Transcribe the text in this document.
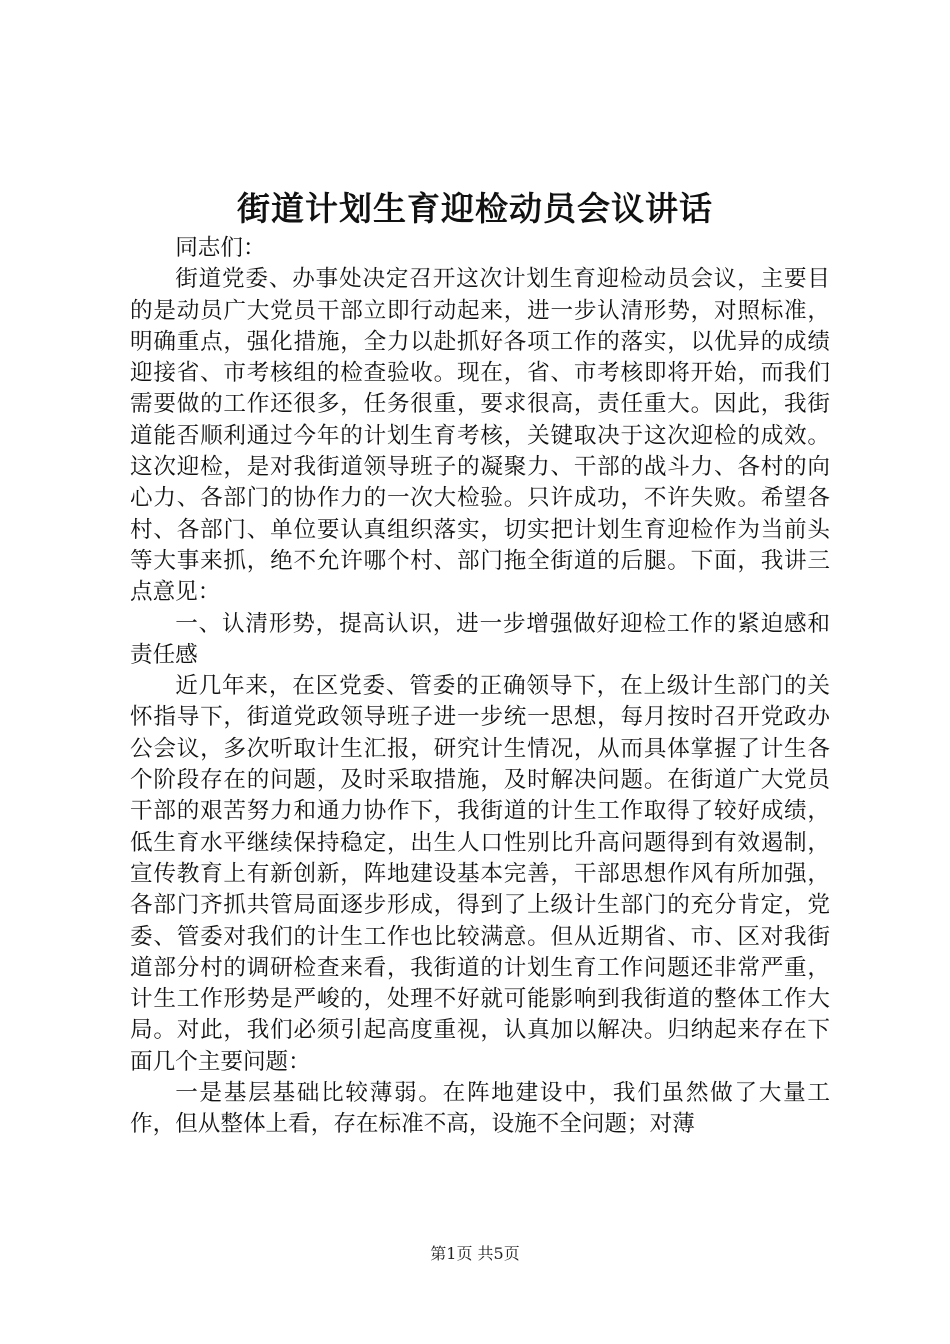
街道计划生育迎检动员会议讲话

同志们：

街道党委、办事处决定召开这次计划生育迎检动员会议，主要目的是动员广大党员干部立即行动起来，进一步认清形势，对照标准，明确重点，强化措施，全力以赴抓好各项工作的落实，以优异的成绩迎接省、市考核组的检查验收。现在，省、市考核即将开始，而我们需要做的工作还很多，任务很重，要求很高，责任重大。因此，我街道能否顺利通过今年的计划生育考核，关键取决于这次迎检的成效。这次迎检，是对我街道领导班子的凝聚力、干部的战斗力、各村的向心力、各部门的协作力的一次大检验。只许成功，不许失败。希望各村、各部门、单位要认真组织落实，切实把计划生育迎检作为当前头等大事来抓，绝不允许哪个村、部门拖全街道的后腿。下面，我讲三点意见：

一、认清形势，提高认识，进一步增强做好迎检工作的紧迫感和责任感

近几年来，在区党委、管委的正确领导下，在上级计生部门的关怀指导下，街道党政领导班子进一步统一思想，每月按时召开党政办公会议，多次听取计生汇报，研究计生情况，从而具体掌握了计生各个阶段存在的问题，及时采取措施，及时解决问题。在街道广大党员干部的艰苦努力和通力协作下，我街道的计生工作取得了较好成绩，低生育水平继续保持稳定，出生人口性别比升高问题得到有效遏制，宣传教育上有新创新，阵地建设基本完善，干部思想作风有所加强，各部门齐抓共管局面逐步形成，得到了上级计生部门的充分肯定，党委、管委对我们的计生工作也比较满意。但从近期省、市、区对我街道部分村的调研检查来看，我街道的计划生育工作问题还非常严重，计生工作形势是严峻的，处理不好就可能影响到我街道的整体工作大局。对此，我们必须引起高度重视，认真加以解决。归纳起来存在下面几个主要问题：

一是基层基础比较薄弱。在阵地建设中，我们虽然做了大量工作，但从整体上看，存在标准不高，设施不全问题；对薄

第1页 共5页
